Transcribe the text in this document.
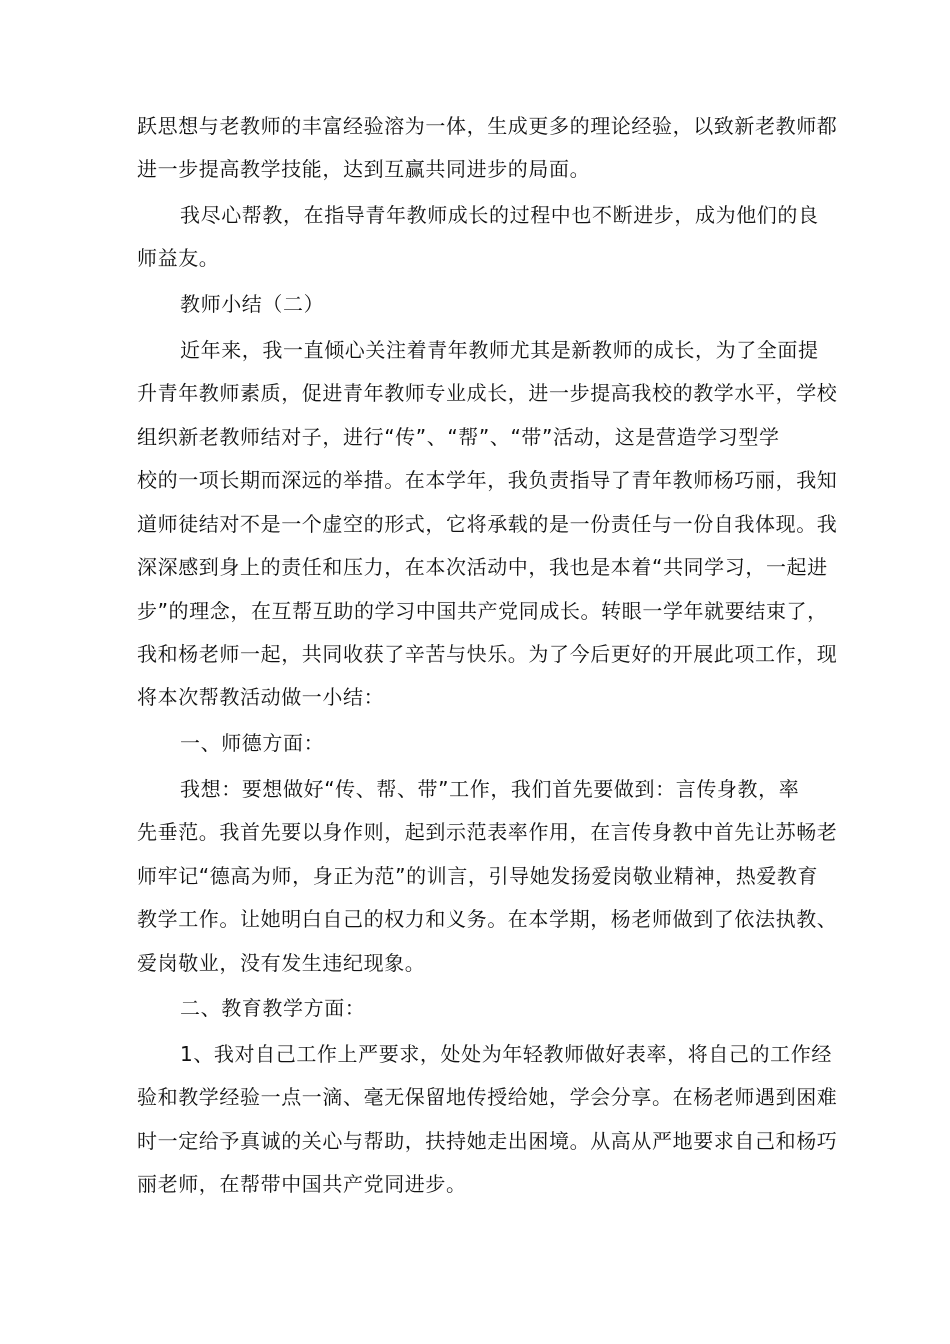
跃思想与老教师的丰富经验溶为一体，生成更多的理论经验，以致新老教师都
进一步提高教学技能，达到互赢共同进步的局面。
我尽心帮教，在指导青年教师成长的过程中也不断进步，成为他们的良
师益友。
教师小结（二）
近年来，我一直倾心关注着青年教师尤其是新教师的成长，为了全面提
升青年教师素质，促进青年教师专业成长，进一步提高我校的教学水平，学校
组织新老教师结对子，进行“传”、“帮”、“带”活动，这是营造学习型学
校的一项长期而深远的举措。在本学年，我负责指导了青年教师杨巧丽，我知
道师徒结对不是一个虚空的形式，它将承载的是一份责任与一份自我体现。我
深深感到身上的责任和压力，在本次活动中，我也是本着“共同学习，一起进
步”的理念，在互帮互助的学习中国共产党同成长。转眼一学年就要结束了，
我和杨老师一起，共同收获了辛苦与快乐。为了今后更好的开展此项工作，现
将本次帮教活动做一小结：
一、师德方面：
我想：要想做好“传、帮、带”工作，我们首先要做到：言传身教，率
先垂范。我首先要以身作则，起到示范表率作用，在言传身教中首先让苏畅老
师牢记“德高为师，身正为范”的训言，引导她发扬爱岗敬业精神，热爱教育
教学工作。让她明白自己的权力和义务。在本学期，杨老师做到了依法执教、
爱岗敬业，没有发生违纪现象。
二、教育教学方面：
1、我对自己工作上严要求，处处为年轻教师做好表率，将自己的工作经
验和教学经验一点一滴、毫无保留地传授给她，学会分享。在杨老师遇到困难
时一定给予真诚的关心与帮助，扶持她走出困境。从高从严地要求自己和杨巧
丽老师，在帮带中国共产党同进步。
